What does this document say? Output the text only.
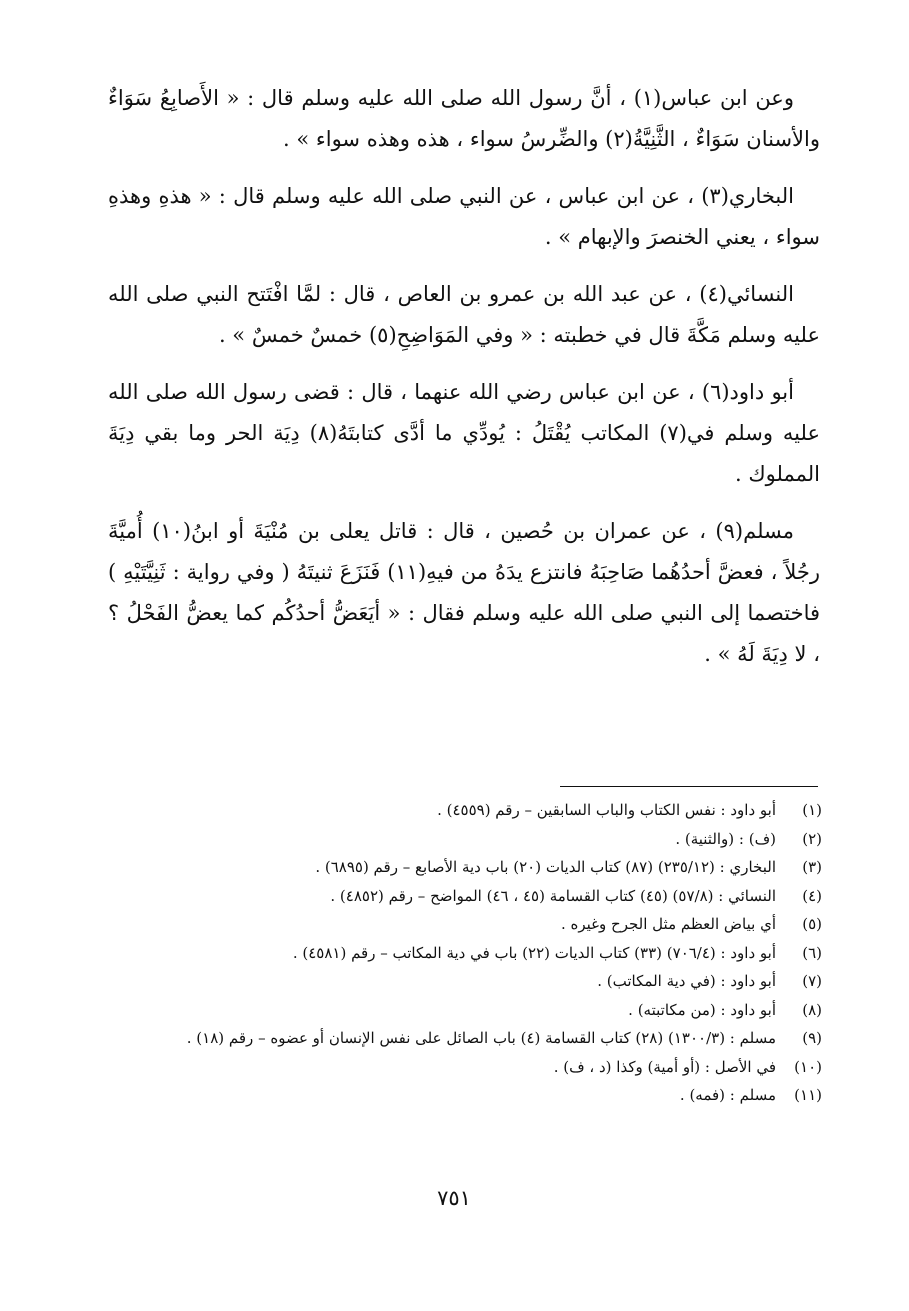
وعن ابن عباس(١) ، أنَّ رسول الله صلى الله عليه وسلم قال : « الأَصابِعُ سَوَاءٌ والأسنان سَوَاءٌ ، الثَّنِيَّةُ(٢) والضِّرسُ سواء ، هذه وهذه سواء » .

البخاري(٣) ، عن ابن عباس ، عن النبي صلى الله عليه وسلم قال : « هذهِ وهذهِ سواء ، يعني الخنصرَ والإبهام » .

النسائي(٤) ، عن عبد الله بن عمرو بن العاص ، قال : لمَّا افْتَتح النبي صلى الله عليه وسلم مَكَّةَ قال في خطبته : « وفي المَوَاضِحِ(٥) خمسٌ خمسٌ » .

أبو داود(٦) ، عن ابن عباس رضي الله عنهما ، قال : قضى رسول الله صلى الله عليه وسلم في(٧) المكاتب يُقْتَلُ : يُودِّي ما أدَّى كتابتَهُ(٨) دِيَة الحر وما بقي دِيَةَ المملوك .

مسلم(٩) ، عن عمران بن حُصين ، قال : قاتل يعلى بن مُنْيَةَ أو ابنُ(١٠) أُميَّةَ رجُلاً ، فعضَّ أحدُهُما صَاحِبَهُ فانتزع يدَهُ من فيهِ(١١) فَنَزَعَ ثنيتَهُ ( وفي رواية : ثَنِيَّتَيْهِ ) فاختصما إلى النبي صلى الله عليه وسلم فقال : « أيَعَضُّ أحدُكُم كما يعضُّ الفَحْلُ ؟ ، لا دِيَةَ لَهُ » .

(١)
أبو داود : نفس الكتاب والباب السابقين – رقم (٤٥٥٩) .
(٢)
(ف) : (والثنية) .
(٣)
البخاري : (٢٣٥/١٢) (٨٧) كتاب الديات (٢٠) باب دية الأصابع – رقم (٦٨٩٥) .
(٤)
النسائي : (٥٧/٨) (٤٥) كتاب القسامة (٤٥ ، ٤٦) المواضح – رقم (٤٨٥٢) .
(٥)
أي بياض العظم مثل الجرح وغيره .
(٦)
أبو داود : (٧٠٦/٤) (٣٣) كتاب الديات (٢٢) باب في دية المكاتب – رقم (٤٥٨١) .
(٧)
أبو داود : (في دية المكاتب) .
(٨)
أبو داود : (من مكاتبته) .
(٩)
مسلم : (١٣٠٠/٣) (٢٨) كتاب القسامة (٤) باب الصائل على نفس الإنسان أو عضوه – رقم (١٨) .
(١٠)
في الأصل : (أو أمية) وكذا (د ، ف) .
(١١)
مسلم : (فمه) .
٧٥١
